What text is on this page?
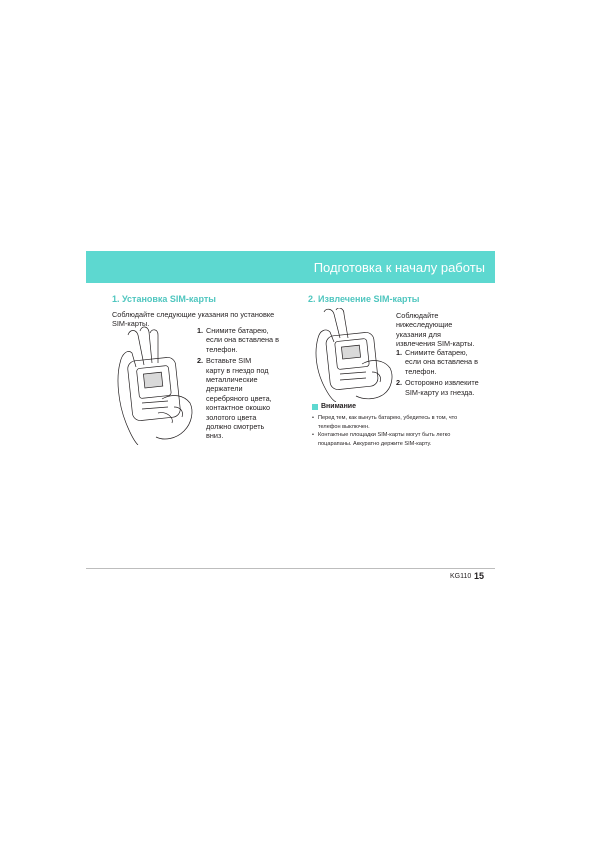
Подготовка к началу работы

1. Установка SIM-карты

Соблюдайте следующие указания по установке
SIM-карты.

1. Снимите батарею,
если она вставлена в
телефон.
2. Вставьте SIM
карту в гнездо под
металлические
держатели
серебряного цвета,
контактное окошко
золотого цвета
должно смотреть
вниз.

2. Извлечение SIM-карты

Соблюдайте
нижеследующие
указания для
извлечения SIM-карты.

1. Снимите батарею,
если она вставлена в
телефон.
2. Осторожно извлеките
SIM-карту из гнезда.
Внимание
• Перед тем, как вынуть батарею, убедитесь в том, что
телефон выключен.
• Контактные площадки SIM-карты могут быть легко
поцарапаны. Аккуратно держите SIM-карту.
KG110 15
